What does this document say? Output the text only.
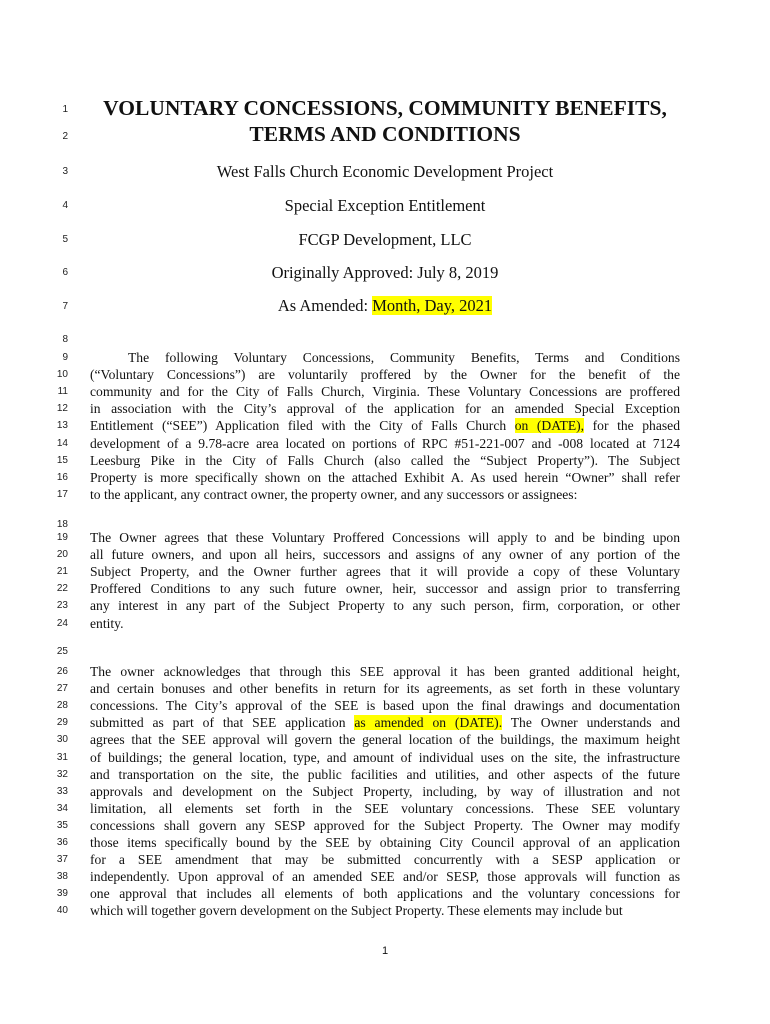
1
2
3
4
5
6
7
8
18
25
VOLUNTARY CONCESSIONS, COMMUNITY BENEFITS,
TERMS AND CONDITIONS
West Falls Church Economic Development Project
Special Exception Entitlement
FCGP Development, LLC
Originally Approved: July 8, 2019
As Amended: Month, Day, 2021
9	The following Voluntary Concessions, Community Benefits, Terms and Conditions
10 (“Voluntary Concessions”) are voluntarily proffered by the Owner for the benefit of the
11 community and for the City of Falls Church, Virginia. These Voluntary Concessions are proffered
12 in association with the City’s approval of the application for an amended Special Exception
13 Entitlement (“SEE”) Application filed with the City of Falls Church on (DATE), for the phased
14 development of a 9.78-acre area located on portions of RPC #51-221-007 and -008 located at 7124
15 Leesburg Pike in the City of Falls Church (also called the “Subject Property”). The Subject
16 Property is more specifically shown on the attached Exhibit A. As used herein “Owner” shall refer
17 to the applicant, any contract owner, the property owner, and any successors or assignees:
19 The Owner agrees that these Voluntary Proffered Concessions will apply to and be binding upon
20 all future owners, and upon all heirs, successors and assigns of any owner of any portion of the
21 Subject Property, and the Owner further agrees that it will provide a copy of these Voluntary
22 Proffered Conditions to any such future owner, heir, successor and assign prior to transferring
23 any interest in any part of the Subject Property to any such person, firm, corporation, or other
24 entity.
26 The owner acknowledges that through this SEE approval it has been granted additional height,
27 and certain bonuses and other benefits in return for its agreements, as set forth in these voluntary
28 concessions. The City’s approval of the SEE is based upon the final drawings and documentation
29 submitted as part of that SEE application as amended on (DATE). The Owner understands and
30 agrees that the SEE approval will govern the general location of the buildings, the maximum height
31 of buildings; the general location, type, and amount of individual uses on the site, the infrastructure
32 and transportation on the site, the public facilities and utilities, and other aspects of the future
33 approvals and development on the Subject Property, including, by way of illustration and not
34 limitation, all elements set forth in the SEE voluntary concessions. These SEE voluntary
35 concessions shall govern any SESP approved for the Subject Property. The Owner may modify
36 those items specifically bound by the SEE by obtaining City Council approval of an application
37 for a SEE amendment that may be submitted concurrently with a SESP application or
38 independently. Upon approval of an amended SEE and/or SESP, those approvals will function as
39 one approval that includes all elements of both applications and the voluntary concessions for
40 which will together govern development on the Subject Property. These elements may include but
1
